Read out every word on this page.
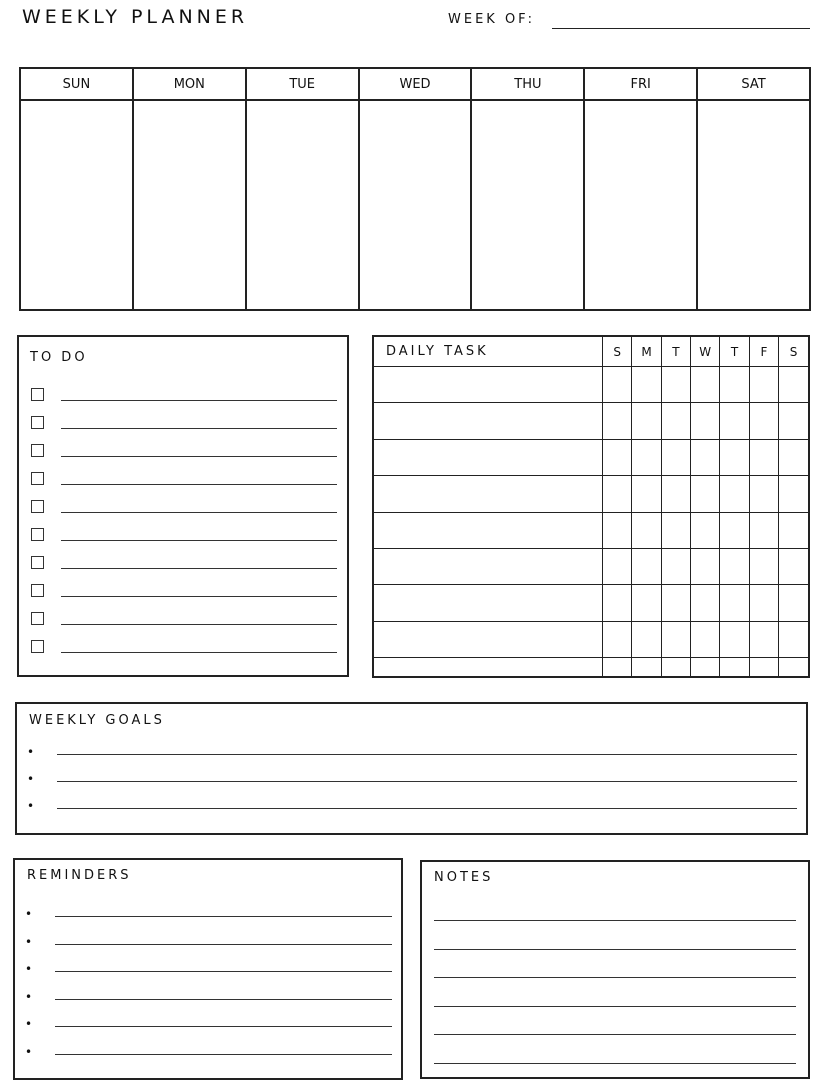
WEEKLY PLANNER	WEEK OF:
SUN	MON	TUE	WED	THU	FRI	SAT
TO DO	DAILY TASK	S	M	T	W	T	F	S

WEEKLY GOALS
•
•
•
REMINDERS
•
•
•
•
•
•
NOTES
